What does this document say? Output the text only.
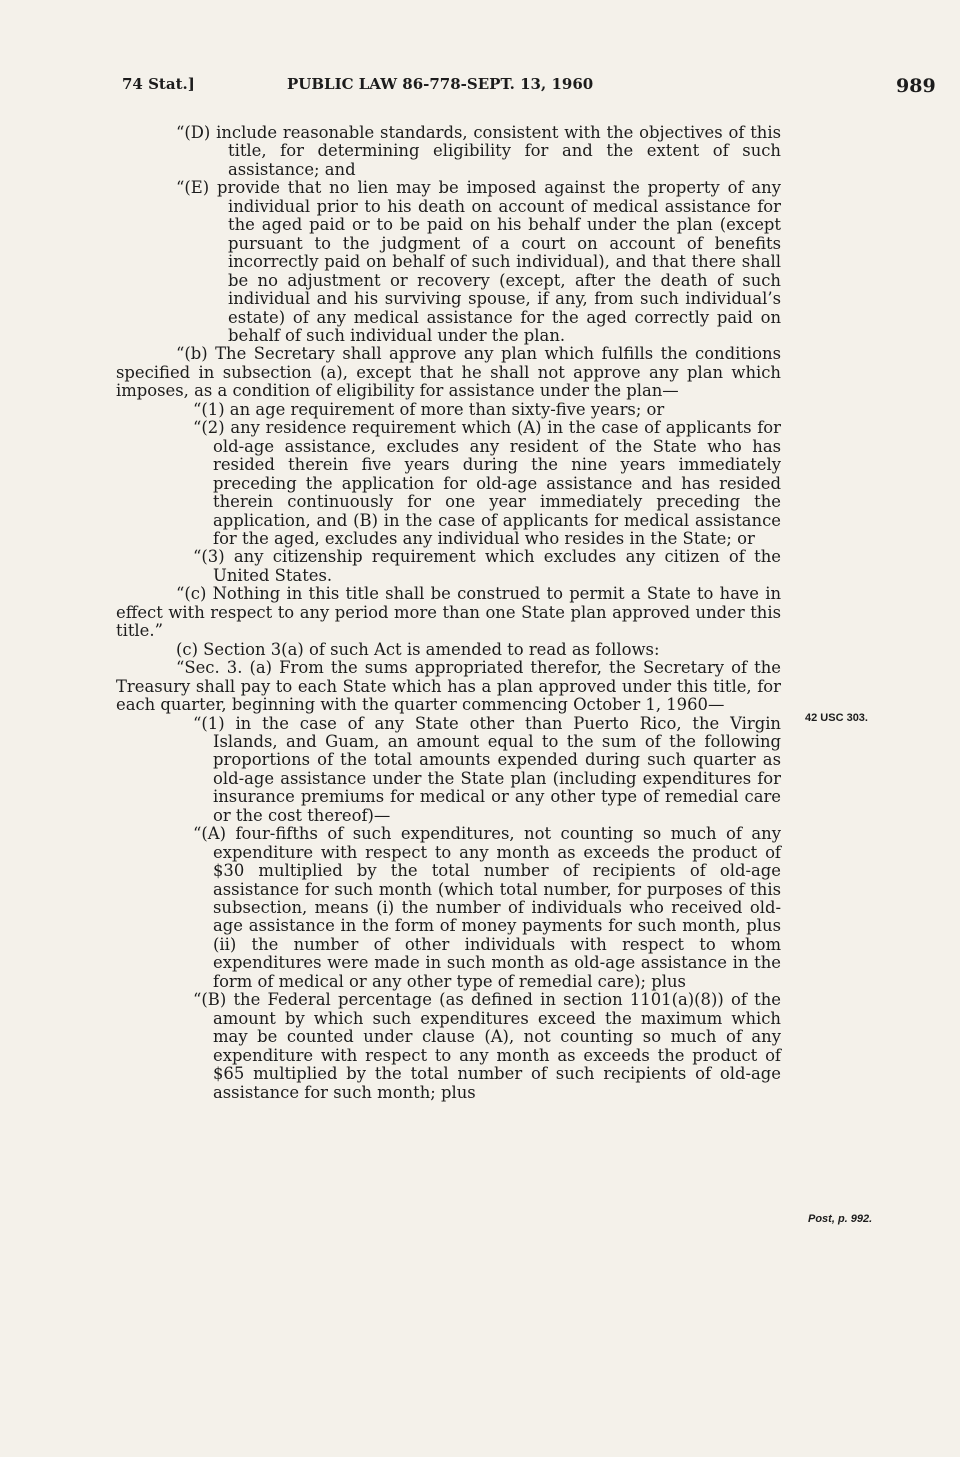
74 Stat.]	PUBLIC LAW 86-778-SEPT. 13, 1960	989

“(D) include reasonable standards, consistent with the objectives of this title, for determining eligibility for and the extent of such assistance; and

“(E) provide that no lien may be imposed against the property of any individual prior to his death on account of medical assistance for the aged paid or to be paid on his behalf under the plan (except pursuant to the judgment of a court on account of benefits incorrectly paid on behalf of such individual), and that there shall be no adjustment or recovery (except, after the death of such individual and his surviving spouse, if any, from such individual’s estate) of any medical assistance for the aged correctly paid on behalf of such individual under the plan.

“(b) The Secretary shall approve any plan which fulfills the conditions specified in subsection (a), except that he shall not approve any plan which imposes, as a condition of eligibility for assistance under the plan—

“(1) an age requirement of more than sixty-five years; or

“(2) any residence requirement which (A) in the case of applicants for old-age assistance, excludes any resident of the State who has resided therein five years during the nine years immediately preceding the application for old-age assistance and has resided therein continuously for one year immediately preceding the application, and (B) in the case of applicants for medical assistance for the aged, excludes any individual who resides in the State; or

“(3) any citizenship requirement which excludes any citizen of the United States.

“(c) Nothing in this title shall be construed to permit a State to have in effect with respect to any period more than one State plan approved under this title.”

(c) Section 3(a) of such Act is amended to read as follows:

“Sec. 3. (a) From the sums appropriated therefor, the Secretary of the Treasury shall pay to each State which has a plan approved under this title, for each quarter, beginning with the quarter commencing October 1, 1960—

“(1) in the case of any State other than Puerto Rico, the Virgin Islands, and Guam, an amount equal to the sum of the following proportions of the total amounts expended during such quarter as old-age assistance under the State plan (including expenditures for insurance premiums for medical or any other type of remedial care or the cost thereof)—

“(A) four-fifths of such expenditures, not counting so much of any expenditure with respect to any month as exceeds the product of $30 multiplied by the total number of recipients of old-age assistance for such month (which total number, for purposes of this subsection, means (i) the number of individuals who received old-age assistance in the form of money payments for such month, plus (ii) the number of other individuals with respect to whom expenditures were made in such month as old-age assistance in the form of medical or any other type of remedial care); plus

“(B) the Federal percentage (as defined in section 1101(a)(8)) of the amount by which such expenditures exceed the maximum which may be counted under clause (A), not counting so much of any expenditure with respect to any month as exceeds the product of $65 multiplied by the total number of such recipients of old-age assistance for such month; plus

42 USC 303.
Post, p. 992.
